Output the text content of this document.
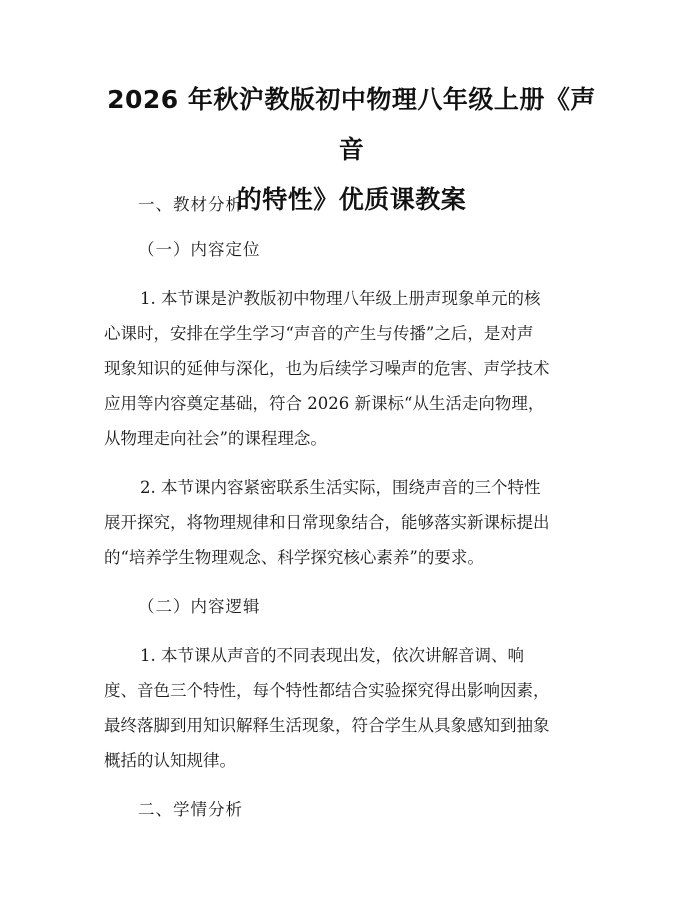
2026 年秋沪教版初中物理八年级上册《声音
的特性》优质课教案
一、教材分析
（一）内容定位
1. 本节课是沪教版初中物理八年级上册声现象单元的核
心课时，安排在学生学习“声音的产生与传播”之后，是对声
现象知识的延伸与深化，也为后续学习噪声的危害、声学技术
应用等内容奠定基础，符合 2026 新课标“从生活走向物理，
从物理走向社会”的课程理念。
2. 本节课内容紧密联系生活实际，围绕声音的三个特性
展开探究，将物理规律和日常现象结合，能够落实新课标提出
的“培养学生物理观念、科学探究核心素养”的要求。
（二）内容逻辑
1. 本节课从声音的不同表现出发，依次讲解音调、响
度、音色三个特性，每个特性都结合实验探究得出影响因素，
最终落脚到用知识解释生活现象，符合学生从具象感知到抽象
概括的认知规律。
二、学情分析
